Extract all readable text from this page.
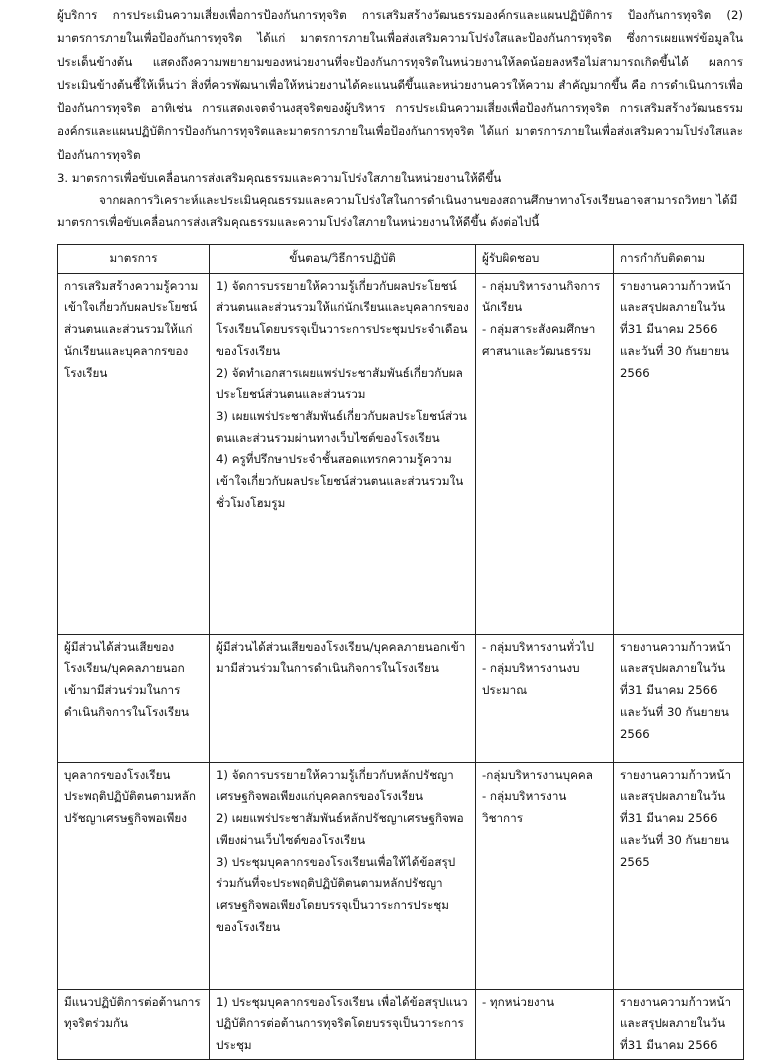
ผู้บริการ การประเมินความเสี่ยงเพื่อการป้องกันการทุจริต การเสริมสร้างวัฒนธรรมองค์กรและแผนปฏิบัติการ ป้องกันการทุจริต (2) มาตรการภายในเพื่อป้องกันการทุจริต ได้แก่ มาตรการภายในเพื่อส่งเสริมความโปร่งใสและป้องกันการทุจริต ซึ่งการเผยแพร่ข้อมูลในประเด็นข้างต้น แสดงถึงความพยายามของหน่วยงานที่จะป้องกันการทุจริตในหน่วยงานให้ลดน้อยลงหรือไม่สามารถเกิดขึ้นได้ ผลการประเมินข้างต้นชี้ให้เห็นว่า สิ่งที่ควรพัฒนาเพื่อให้หน่วยงานได้คะแนนดีขึ้นและหน่วยงานควรให้ความ สำคัญมากขึ้น คือ การดำเนินการเพื่อป้องกันการทุจริต อาทิเช่น การแสดงเจตจำนงสุจริตของผู้บริหาร การประเมินความเสี่ยงเพื่อป้องกันการทุจริต การเสริมสร้างวัฒนธรรมองค์กรและแผนปฏิบัติการป้องกันการทุจริตและมาตรการภายในเพื่อป้องกันการทุจริต ได้แก่ มาตรการภายในเพื่อส่งเสริมความโปร่งใสและป้องกันการทุจริต

3. มาตรการเพื่อขับเคลื่อนการส่งเสริมคุณธรรมและความโปร่งใสภายในหน่วยงานให้ดีขึ้น

จากผลการวิเคราะห์และประเมินคุณธรรมและความโปร่งใสในการดำเนินงานของสถานศึกษาทางโรงเรียนอาจสามารถวิทยา ได้มีมาตรการเพื่อขับเคลื่อนการส่งเสริมคุณธรรมและความโปร่งใสภายในหน่วยงานให้ดีขึ้น ดังต่อไปนี้

มาตรการ	ขั้นตอน/วิธีการปฏิบัติ	ผู้รับผิดชอบ	การกำกับติดตาม
การเสริมสร้างความรู้ความเข้าใจเกี่ยวกับผลประโยชน์ส่วนตนและส่วนรวมให้แก่นักเรียนและบุคลากรของโรงเรียน	1) จัดการบรรยายให้ความรู้เกี่ยวกับผลประโยชน์ส่วนตนและส่วนรวมให้แก่นักเรียนและบุคลากรของโรงเรียนโดยบรรจุเป็นวาระการประชุมประจำเดือนของโรงเรียน
2) จัดทำเอกสารเผยแพร่ประชาสัมพันธ์เกี่ยวกับผลประโยชน์ส่วนตนและส่วนรวม
3) เผยแพร่ประชาสัมพันธ์เกี่ยวกับผลประโยชน์ส่วนตนและส่วนรวมผ่านทางเว็บไซต์ของโรงเรียน
4) ครูที่ปรึกษาประจำชั้นสอดแทรกความรู้ความเข้าใจเกี่ยวกับผลประโยชน์ส่วนตนและส่วนรวมในชั่วโมงโฮมรูม	- กลุ่มบริหารงานกิจการนักเรียน
- กลุ่มสาระสังคมศึกษาศาสนาและวัฒนธรรม	รายงานความก้าวหน้าและสรุปผลภายในวันที่31 มีนาคม 2566 และวันที่ 30 กันยายน 2566
ผู้มีส่วนได้ส่วนเสียของโรงเรียน/บุคคลภายนอกเข้ามามีส่วนร่วมในการดำเนินกิจการในโรงเรียน	ผู้มีส่วนได้ส่วนเสียของโรงเรียน/บุคคลภายนอกเข้ามามีส่วนร่วมในการดำเนินกิจการในโรงเรียน	- กลุ่มบริหารงานทั่วไป
- กลุ่มบริหารงานงบประมาณ	รายงานความก้าวหน้าและสรุปผลภายในวันที่31 มีนาคม 2566 และวันที่ 30 กันยายน 2566
บุคลากรของโรงเรียนประพฤติปฏิบัติตนตามหลักปรัชญาเศรษฐกิจพอเพียง	1) จัดการบรรยายให้ความรู้เกี่ยวกับหลักปรัชญาเศรษฐกิจพอเพียงแก่บุคคลกรของโรงเรียน
2) เผยแพร่ประชาสัมพันธ์หลักปรัชญาเศรษฐกิจพอเพียงผ่านเว็บไซต์ของโรงเรียน
3) ประชุมบุคลากรของโรงเรียนเพื่อให้ได้ข้อสรุปร่วมกันที่จะประพฤติปฏิบัติตนตามหลักปรัชญาเศรษฐกิจพอเพียงโดยบรรจุเป็นวาระการประชุมของโรงเรียน	-กลุ่มบริหารงานบุคคล
- กลุ่มบริหารงานวิชาการ	รายงานความก้าวหน้าและสรุปผลภายในวันที่31 มีนาคม 2566 และวันที่ 30 กันยายน 2565
มีแนวปฏิบัติการต่อต้านการทุจริตร่วมกัน	1) ประชุมบุคลากรของโรงเรียน เพื่อได้ข้อสรุปแนวปฏิบัติการต่อต้านการทุจริตโดยบรรจุเป็นวาระการประชุม	- ทุกหน่วยงาน	รายงานความก้าวหน้าและสรุปผลภายในวันที่31 มีนาคม 2566
